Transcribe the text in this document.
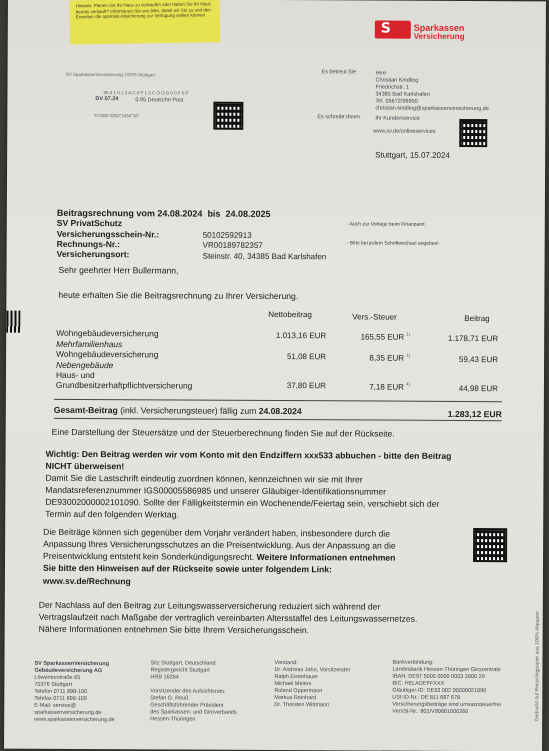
Hinweis: Planen Sie Ihr Haus zu verkaufen oder haben Sie Ihr Haus bereits verkauft? Informieren Sie uns bitte, damit wir Sie zu und den Erwerber die optimale Absicherung zur Verfügung stellen können.
S	Sparkassen
Versicherung
SV SparkassenVersicherung 70376 Stuttgart
95 3 1 0 1 3 A C 0 F 1 8 C O O D 0 0 F 6 F
DV 07.24	0.95 Deutsche Post
"K7086"4252"1634"18"
Es betreut Sie	Herr
Christian Kindling
Friedrichstr. 1
34385 Bad Karlshafen
Tel. 05672/99950
christian.kindling@sparkassenversicherung.de
Es schreibt Ihnen	Ihr Kundenservice
www.sv.de/onlineservices
Stuttgart, 15.07.2024
Beitragsrechnung vom 24.08.2024 bis 24.08.2025
SV PrivatSchutz
Versicherungsschein-Nr.:	50102592913
- Auch zur Vorlage beim Finanzamt
Rechnungs-Nr.:	VR00189782357	- Bitte bei jedem Schriftwechsel angeben!
Versicherungsort:	Steinstr. 40, 34385 Bad Karlshafen
Sehr geehrter Herr Bullermann,
heute erhalten Sie die Beitragsrechnung zu Ihrer Versicherung.
Nettobeitrag	Vers.-Steuer	Beitrag
Wohngebäudeversicherung
Mehrfamilienhaus
1.013,16 EUR	165,55 EUR 1)	1.178,71 EUR
Wohngebäudeversicherung
Nebengebäude
51,08 EUR	8,35 EUR 1)	59,43 EUR
Haus- und
Grundbesitzerhaftpflichtversicherung	37,80 EUR	7,18 EUR 4)	44,98 EUR
Gesamt-Beitrag (inkl. Versicherungsteuer) fällig zum 24.08.2024	1.283,12 EUR
Eine Darstellung der Steuersätze und der Steuerberechnung finden Sie auf der Rückseite.
Wichtig: Den Beitrag werden wir vom Konto mit den Endziffern xxx533 abbuchen - bitte den Beitrag
NICHT überweisen!
Damit Sie die Lastschrift eindeutig zuordnen können, kennzeichnen wir sie mit Ihrer
Mandatsreferenznummer IGS00005586985 und unserer Gläubiger-Identifikationsnummer
DE93002000002101090. Sollte der Fälligkeitstermin ein Wochenende/Feiertag sein, verschiebt sich der
Termin auf den folgenden Werktag.
Die Beiträge können sich gegenüber dem Vorjahr verändert haben, insbesondere durch die
Anpassung Ihres Versicherungsschutzes an die Preisentwicklung. Aus der Anpassung an die
Preisentwicklung entsteht kein Sonderkündigungsrecht. Weitere Informationen entnehmen
Sie bitte den Hinweisen auf der Rückseite sowie unter folgendem Link:
www.sv.de/Rechnung
Der Nachlass auf den Beitrag zur Leitungswasserversicherung reduziert sich während der
Vertragslaufzeit nach Maßgabe der vertraglich vereinbarten Altersstaffel des Leitungswassernetzes.
Nähere Informationen entnehmen Sie bitte Ihrem Versicherungsschein.
SV SparkassenVersicherung
Gebäudeversicherung AG
Löwentorstraße 65
70376 Stuttgart
Telefon 0711 898-100
Telefax 0711 898-109
E-Mail: service@
sparkassenversicherung.de
www.sparkassenversicherung.de
Sitz Stuttgart, Deutschland
Registergericht Stuttgart
HRB 16264
Vorsitzender des Aufsichtsrats:
Stefan G. Reuß
Geschäftsführender Präsident
des Sparkassen- und Giroverbands
Hessen-Thüringen
Vorstand:
Dr. Andreas Jahn, Vorsitzender
Ralph Eisenhauer
Michael Meiers
Roland Oppermann
Markus Reinhard
Dr. Thorsten Wittmann
Bankverbindung:
Landesbank Hessen-Thüringen Girozentrale
IBAN: DE97 5005 0000 0003 2000 29
BIC: HELADEFFXXX
Gläubiger-ID: DE93 002 00000021090
USt-ID-Nr.: DE 811 687 678
Versicherungsbeiträge sind umsatzsteuerfrei
VersSt-Nr.: 801/V90801006266	Gedruckt auf Recyclingpapier aus 100% Altpapier
